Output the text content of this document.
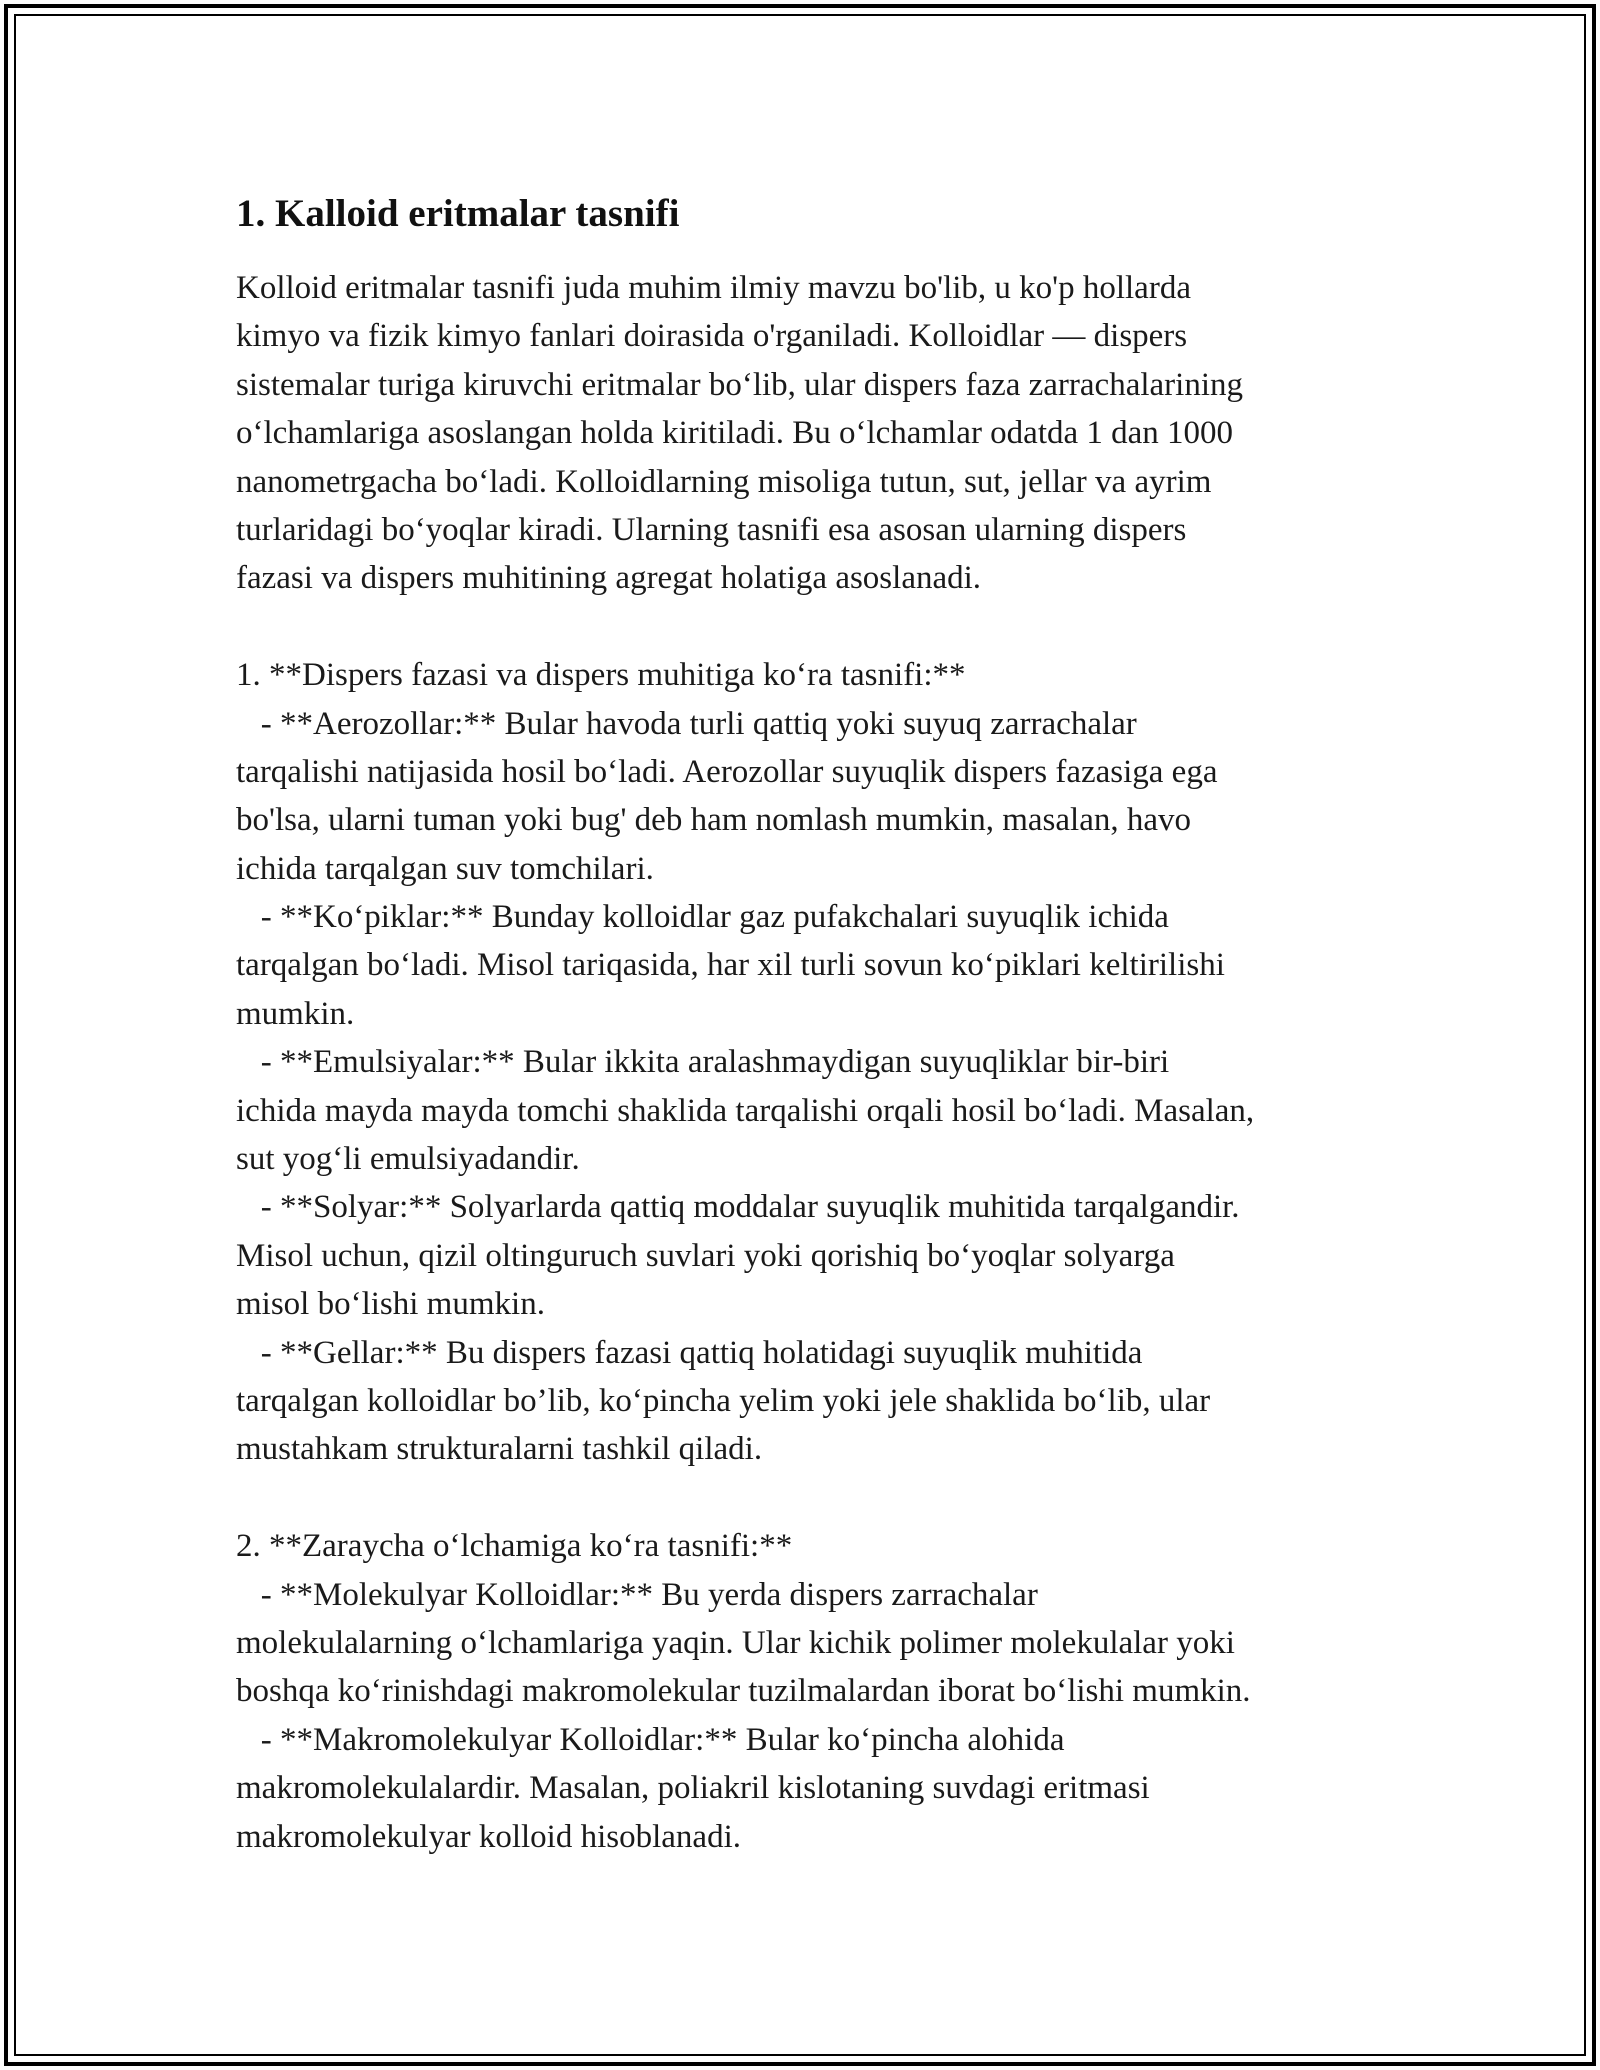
1. Kalloid eritmalar tasnifi
Kolloid eritmalar tasnifi juda muhim ilmiy mavzu bo'lib, u ko'p hollarda
kimyo va fizik kimyo fanlari doirasida o'rganiladi. Kolloidlar — dispers
sistemalar turiga kiruvchi eritmalar bo‘lib, ular dispers faza zarrachalarining
o‘lchamlariga asoslangan holda kiritiladi. Bu o‘lchamlar odatda 1 dan 1000
nanometrgacha bo‘ladi. Kolloidlarning misoliga tutun, sut, jellar va ayrim
turlaridagi bo‘yoqlar kiradi. Ularning tasnifi esa asosan ularning dispers
fazasi va dispers muhitining agregat holatiga asoslanadi.
1. **Dispers fazasi va dispers muhitiga ko‘ra tasnifi:**
- **Aerozollar:** Bular havoda turli qattiq yoki suyuq zarrachalar
tarqalishi natijasida hosil bo‘ladi. Aerozollar suyuqlik dispers fazasiga ega
bo'lsa, ularni tuman yoki bug' deb ham nomlash mumkin, masalan, havo
ichida tarqalgan suv tomchilari.
- **Ko‘piklar:** Bunday kolloidlar gaz pufakchalari suyuqlik ichida
tarqalgan bo‘ladi. Misol tariqasida, har xil turli sovun ko‘piklari keltirilishi
mumkin.
- **Emulsiyalar:** Bular ikkita aralashmaydigan suyuqliklar bir-biri
ichida mayda mayda tomchi shaklida tarqalishi orqali hosil bo‘ladi. Masalan,
sut yog‘li emulsiyadandir.
- **Solyar:** Solyarlarda qattiq moddalar suyuqlik muhitida tarqalgandir.
Misol uchun, qizil oltinguruch suvlari yoki qorishiq bo‘yoqlar solyarga
misol bo‘lishi mumkin.
- **Gellar:** Bu dispers fazasi qattiq holatidagi suyuqlik muhitida
tarqalgan kolloidlar bo’lib, ko‘pincha yelim yoki jele shaklida bo‘lib, ular
mustahkam strukturalarni tashkil qiladi.
2. **Zaraycha o‘lchamiga ko‘ra tasnifi:**
- **Molekulyar Kolloidlar:** Bu yerda dispers zarrachalar
molekulalarning o‘lchamlariga yaqin. Ular kichik polimer molekulalar yoki
boshqa ko‘rinishdagi makromolekular tuzilmalardan iborat bo‘lishi mumkin.
- **Makromolekulyar Kolloidlar:** Bular ko‘pincha alohida
makromolekulalardir. Masalan, poliakril kislotaning suvdagi eritmasi
makromolekulyar kolloid hisoblanadi.
